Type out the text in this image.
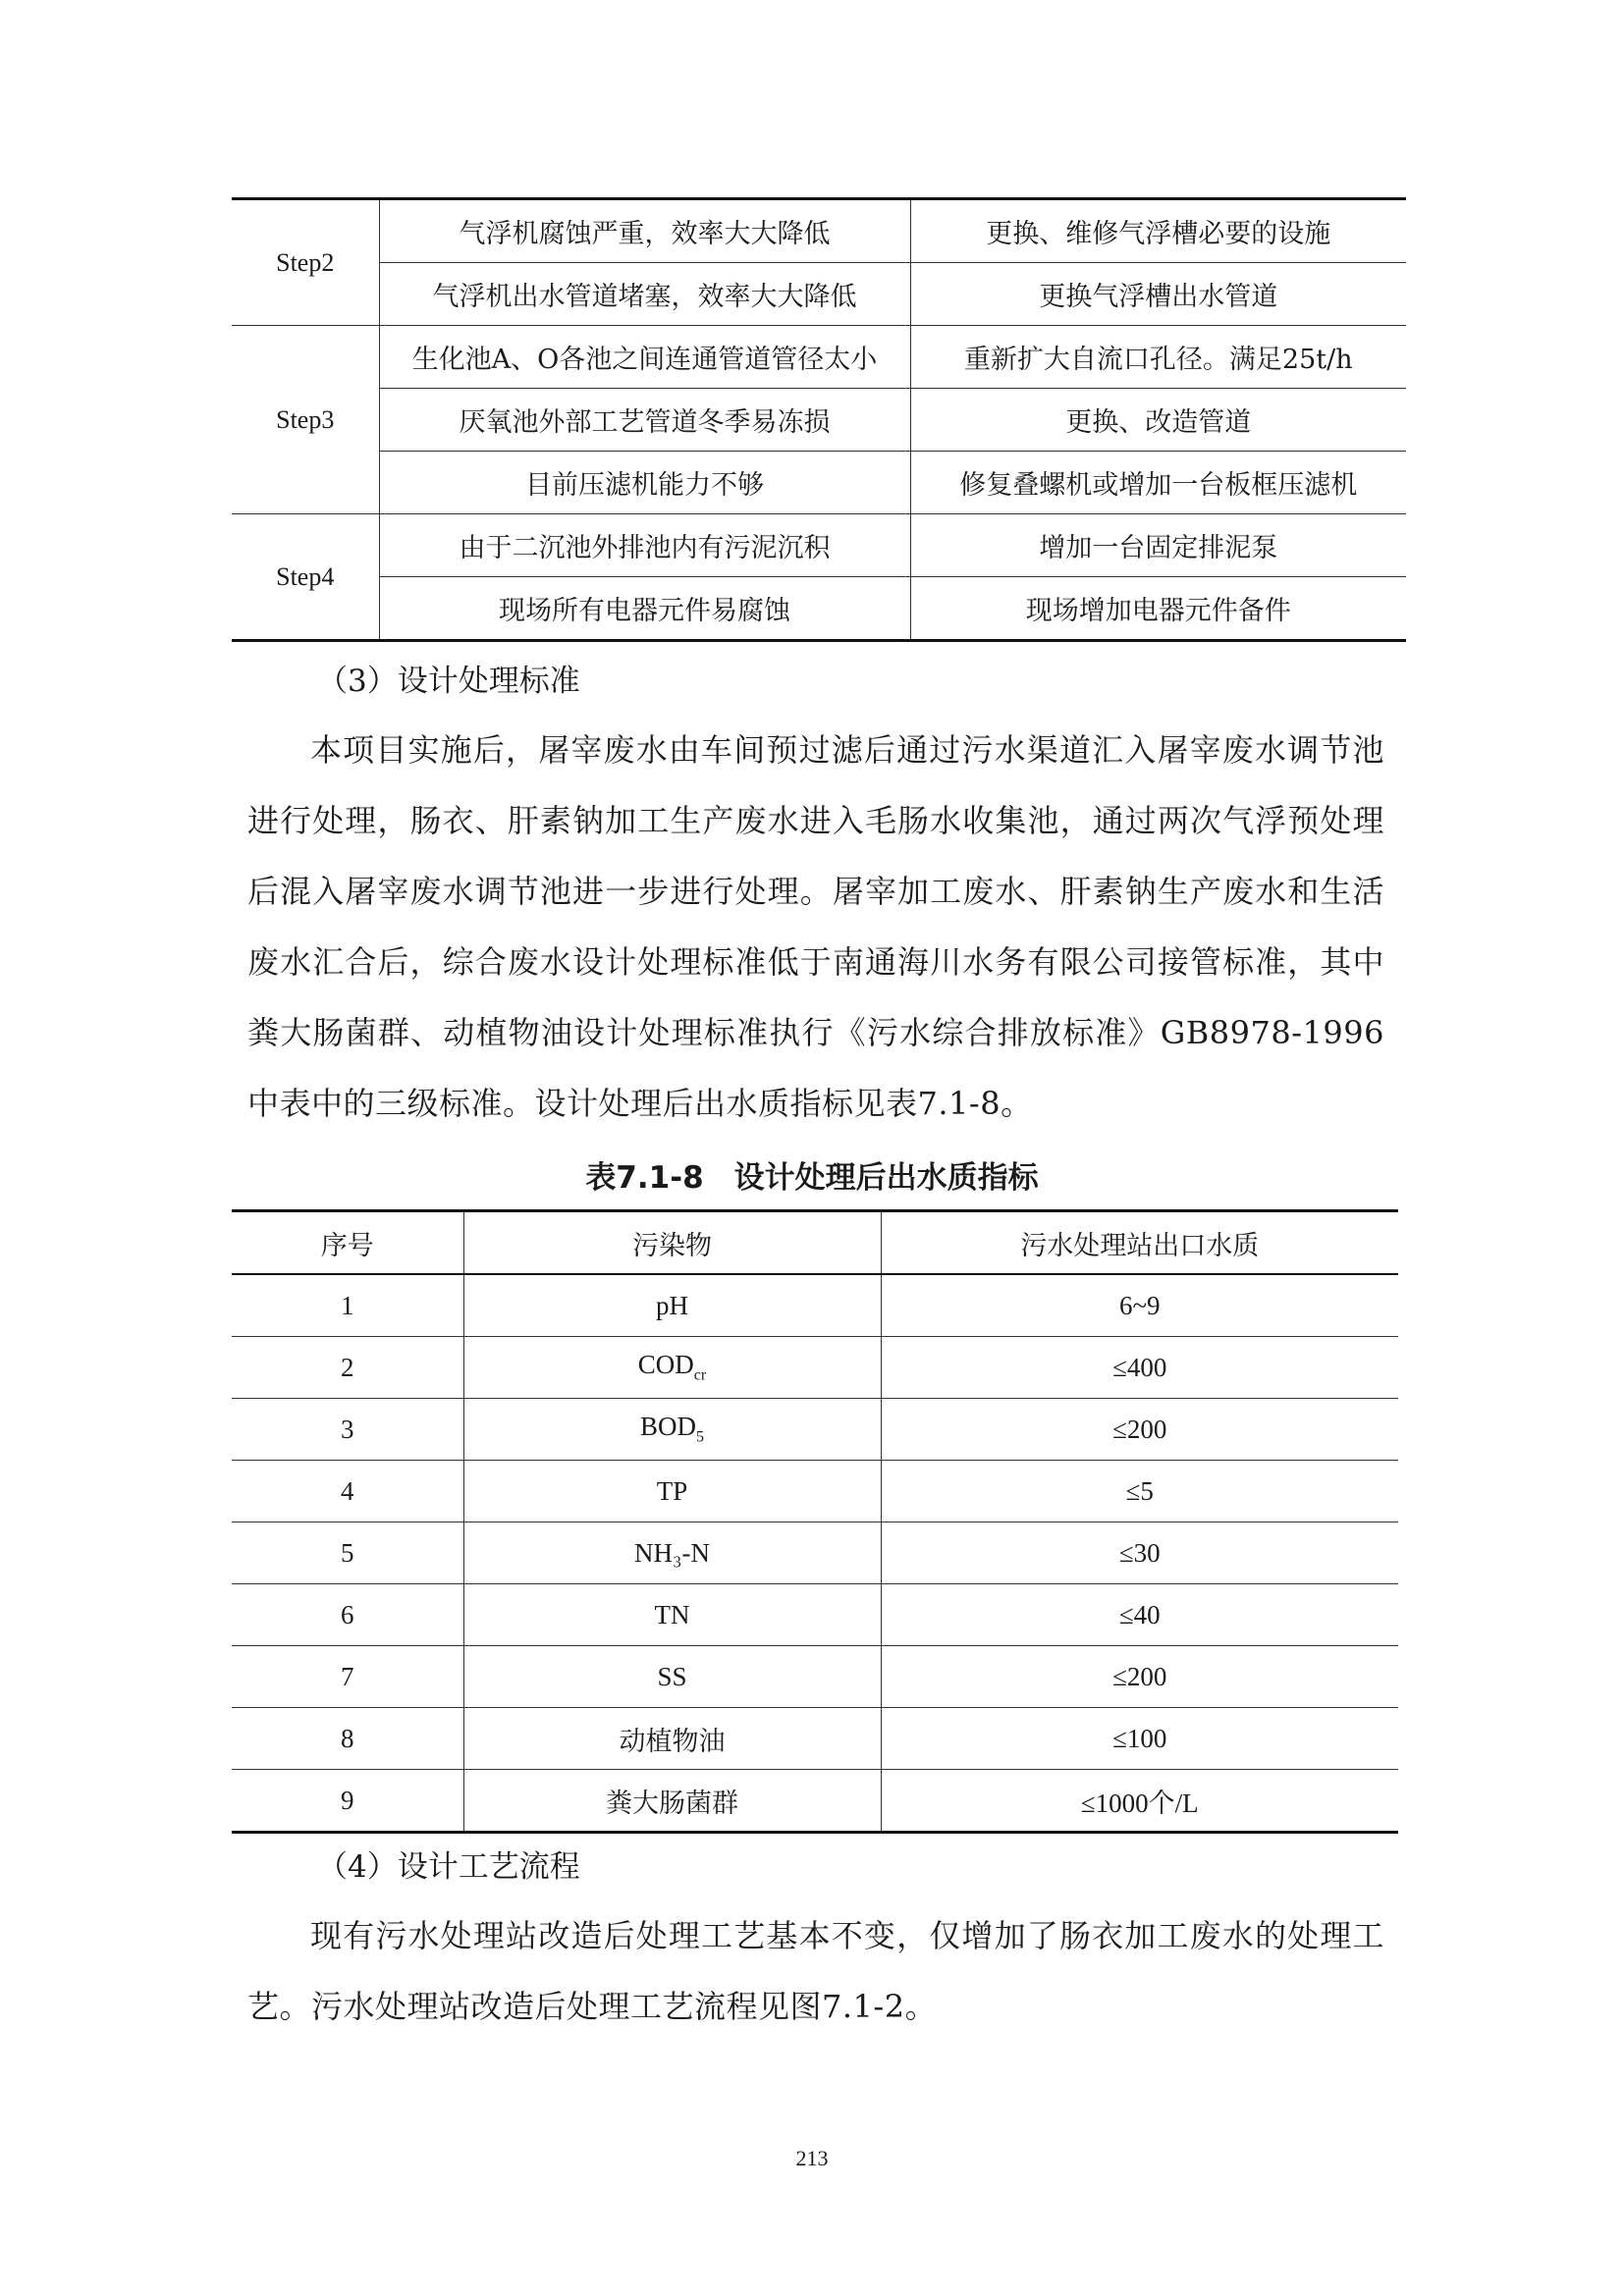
Step2	气浮机腐蚀严重，效率大大降低	更换、维修气浮槽必要的设施
	气浮机出水管道堵塞，效率大大降低	更换气浮槽出水管道
Step3	生化池A、O各池之间连通管道管径太小	重新扩大自流口孔径。满足25t/h
	厌氧池外部工艺管道冬季易冻损	更换、改造管道
	目前压滤机能力不够	修复叠螺机或增加一台板框压滤机
Step4	由于二沉池外排池内有污泥沉积	增加一台固定排泥泵
	现场所有电器元件易腐蚀	现场增加电器元件备件
（3）设计处理标准
本项目实施后，屠宰废水由车间预过滤后通过污水渠道汇入屠宰废水调节池进行处理，肠衣、肝素钠加工生产废水进入毛肠水收集池，通过两次气浮预处理后混入屠宰废水调节池进一步进行处理。屠宰加工废水、肝素钠生产废水和生活废水汇合后，综合废水设计处理标准低于南通海川水务有限公司接管标准，其中粪大肠菌群、动植物油设计处理标准执行《污水综合排放标准》GB8978-1996中表中的三级标准。设计处理后出水质指标见表7.1-8。
表7.1-8　设计处理后出水质指标
序号	污染物	污水处理站出口水质
1	pH	6~9
2	$COD_{cr}$	≤400
3	$BOD_5$	≤200
4	TP	≤5
5	NH₃-N	≤30
6	TN	≤40
7	SS	≤200
8	动植物油	≤100
9	粪大肠菌群	≤1000个/L
（4）设计工艺流程
现有污水处理站改造后处理工艺基本不变，仅增加了肠衣加工废水的处理工艺。污水处理站改造后处理工艺流程见图7.1-2。
213
